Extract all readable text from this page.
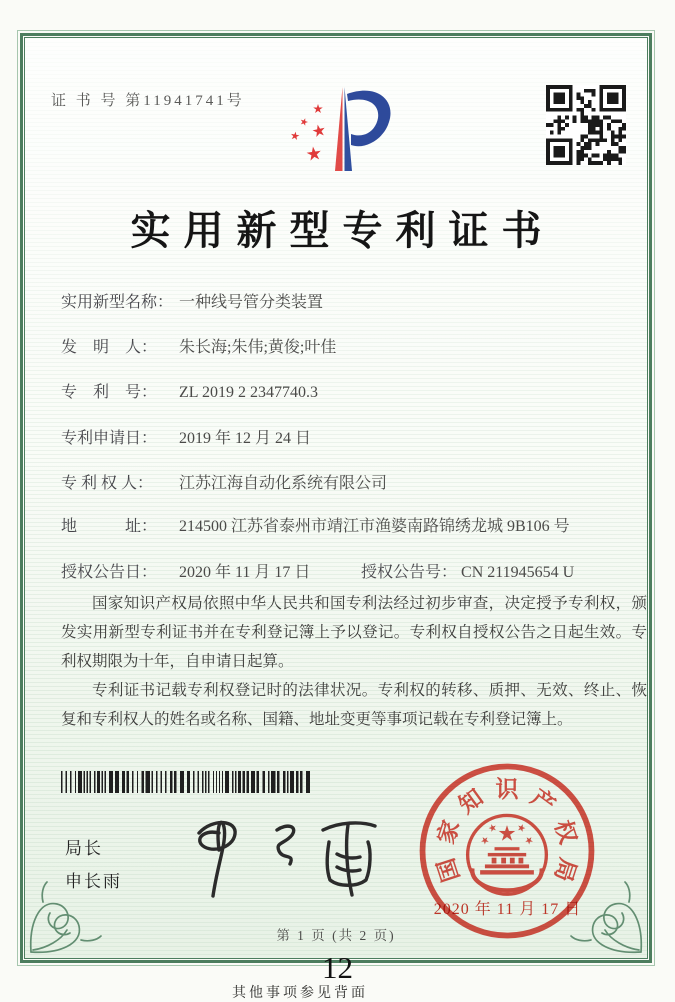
证 书 号 第11941741号
实用新型专利证书
实用新型名称： 一种线号管分类装置
发　明　人： 朱长海;朱伟;黄俊;叶佳
专　利　号： ZL 2019 2 2347740.3
专利申请日： 2019 年 12 月 24 日
专 利 权 人： 江苏江海自动化系统有限公司
地　　　址： 214500 江苏省泰州市靖江市渔婆南路锦绣龙城 9B106 号
授权公告日： 2020 年 11 月 17 日	授权公告号： CN 211945654 U

国家知识产权局依照中华人民共和国专利法经过初步审查，决定授予专利权，颁发实用新型专利证书并在专利登记簿上予以登记。专利权自授权公告之日起生效。专利权期限为十年，自申请日起算。

专利证书记载专利权登记时的法律状况。专利权的转移、质押、无效、终止、恢复和专利权人的姓名或名称、国籍、地址变更等事项记载在专利登记簿上。

局长
申长雨	国
家
知 识 产
权
局
2020 年 11 月 17 日
第 1 页 (共 2 页)
12
其他事项参见背面
